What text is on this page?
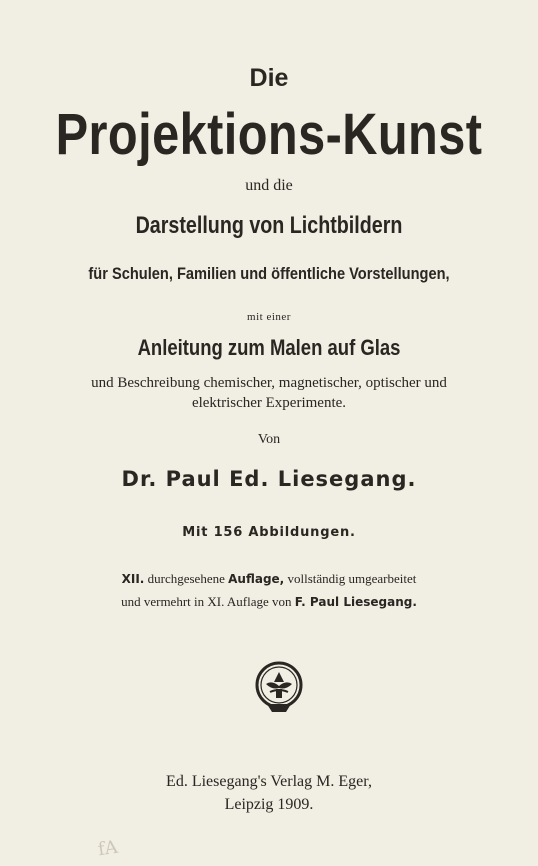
Die
Projektions-Kunst
und die
Darstellung von Lichtbildern
für Schulen, Familien und öffentliche Vorstellungen,
mit einer
Anleitung zum Malen auf Glas
und Beschreibung chemischer, magnetischer, optischer und
elektrischer Experimente.
Von
Dr. Paul Ed. Liesegang.
Mit 156 Abbildungen.
XII. durchgesehene Auflage, vollständig umgearbeitet
und vermehrt in XI. Auflage von F. Paul Liesegang.
Ed. Liesegang's Verlag M. Eger,
Leipzig 1909.
fA
